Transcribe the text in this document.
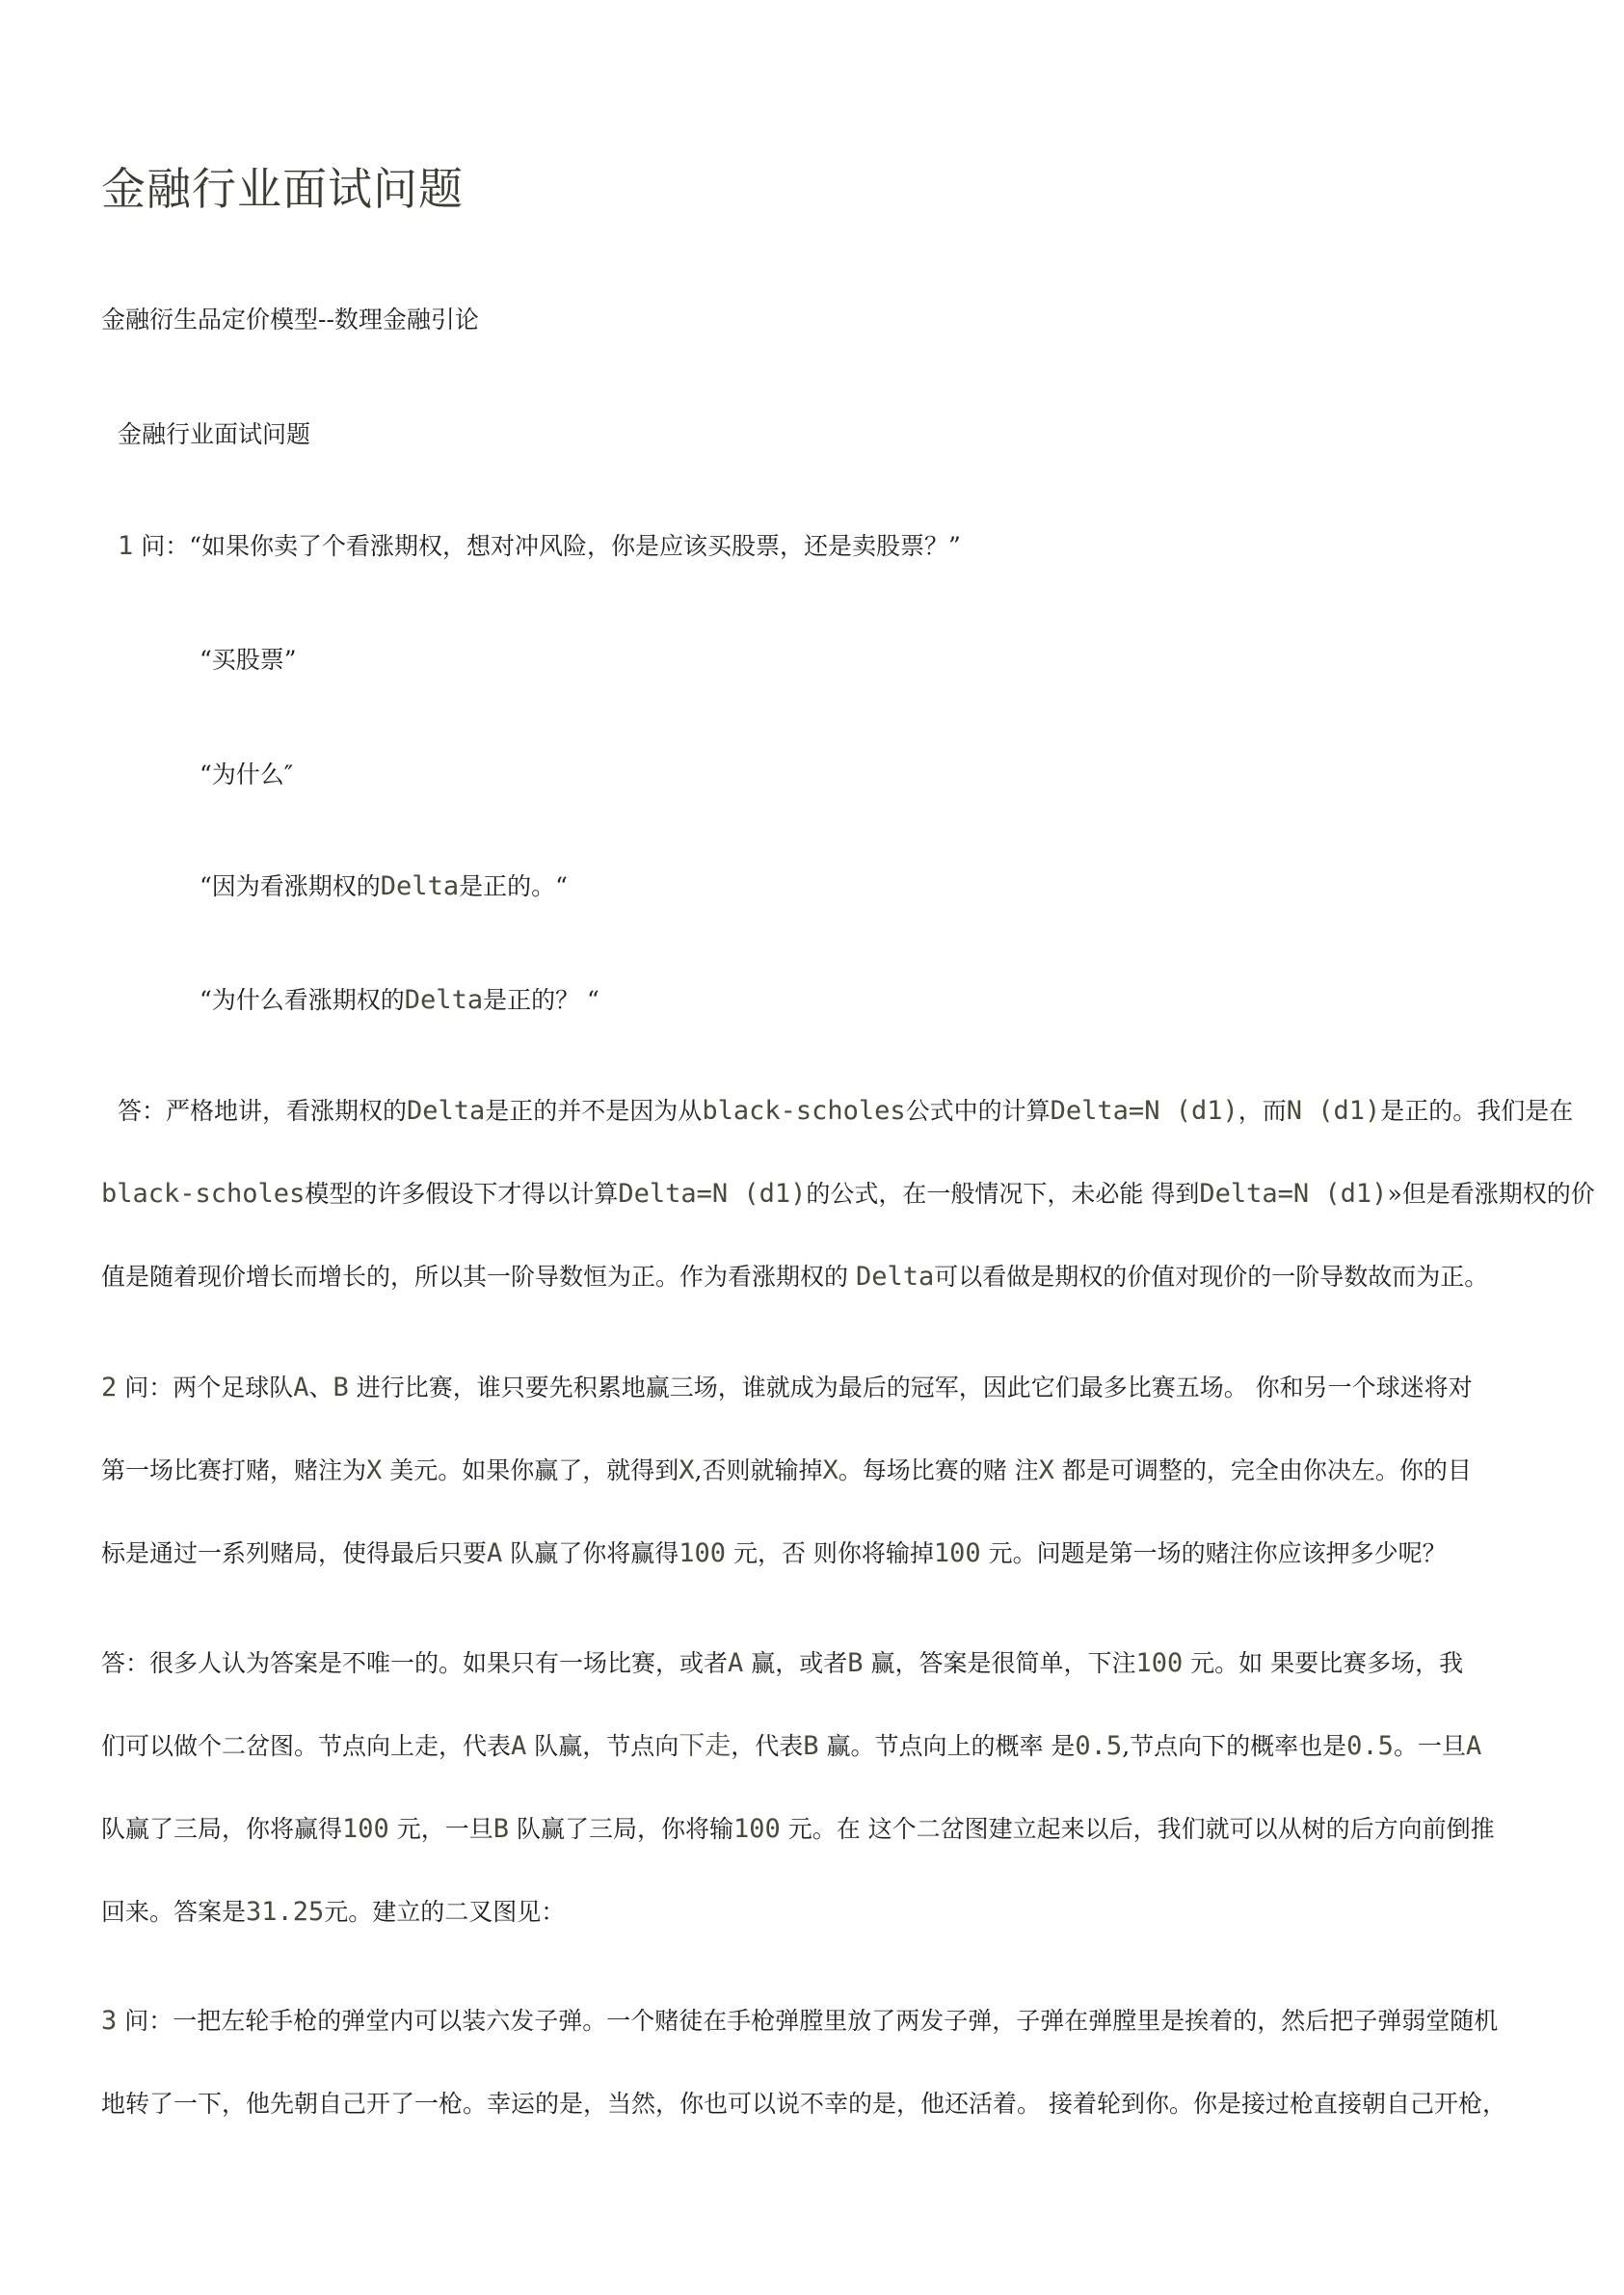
金融行业面试问题
金融衍生品定价模型--数理金融引论
金融行业面试问题
1 问：“如果你卖了个看涨期权，想对冲风险，你是应该买股票，还是卖股票？”
“买股票”
“为什么″
“因为看涨期权的Delta是正的。“
“为什么看涨期权的Delta是正的？ “
答：严格地讲，看涨期权的Delta是正的并不是因为从black-scholes公式中的计算Delta=N (d1)，而N (d1)是正的。我们是在
black-scholes模型的许多假设下才得以计算Delta=N (d1)的公式，在一般情况下，未必能 得到Delta=N (d1)»但是看涨期权的价
值是随着现价增长而增长的，所以其一阶导数恒为正。作为看涨期权的 Delta可以看做是期权的价值对现价的一阶导数故而为正。
2 问：两个足球队A、B 进行比赛，谁只要先积累地赢三场，谁就成为最后的冠军，因此它们最多比赛五场。 你和另一个球迷将对
第一场比赛打赌，赌注为X 美元。如果你赢了，就得到X,否则就输掉X。每场比赛的赌 注X 都是可调整的，完全由你决左。你的目
标是通过一系列赌局，使得最后只要A 队赢了你将赢得100 元，否 则你将输掉100 元。问题是第一场的赌注你应该押多少呢？
答：很多人认为答案是不唯一的。如果只有一场比赛，或者A 赢，或者B 赢，答案是很简单，下注100 元。如 果要比赛多场，我
们可以做个二岔图。节点向上走，代表A 队赢，节点向下走，代表B 赢。节点向上的概率 是0.5,节点向下的概率也是0.5。一旦A
队赢了三局，你将赢得100 元，一旦B 队赢了三局，你将输100 元。在 这个二岔图建立起来以后，我们就可以从树的后方向前倒推
回来。答案是31.25元。建立的二叉图见：
3 问：一把左轮手枪的弹堂内可以装六发子弹。一个赌徒在手枪弹膛里放了两发子弹，子弹在弹膛里是挨着的，然后把子弹弱堂随机
地转了一下，他先朝自己开了一枪。幸运的是，当然，你也可以说不幸的是，他还活着。 接着轮到你。你是接过枪直接朝自己开枪，
